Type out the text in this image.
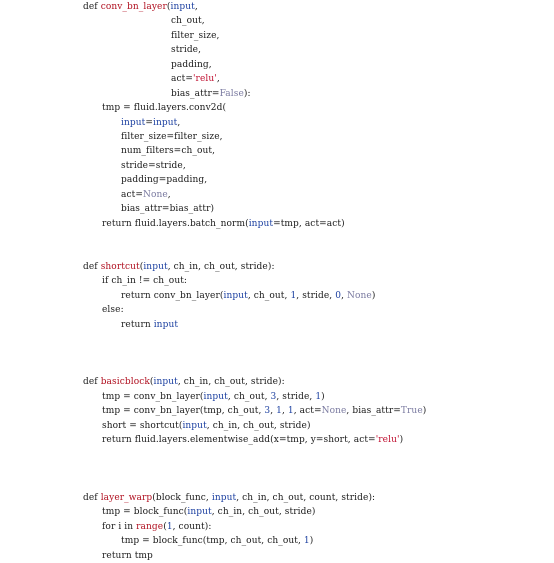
def conv_bn_layer(input,
ch_out,
filter_size,
stride,
padding,
act='relu',
bias_attr=False):
tmp = fluid.layers.conv2d(
input=input,
filter_size=filter_size,
num_filters=ch_out,
stride=stride,
padding=padding,
act=None,
bias_attr=bias_attr)
return fluid.layers.batch_norm(input=tmp, act=act)
def shortcut(input, ch_in, ch_out, stride):
if ch_in != ch_out:
return conv_bn_layer(input, ch_out, 1, stride, 0, None)
else:
return input
def basicblock(input, ch_in, ch_out, stride):
tmp = conv_bn_layer(input, ch_out, 3, stride, 1)
tmp = conv_bn_layer(tmp, ch_out, 3, 1, 1, act=None, bias_attr=True)
short = shortcut(input, ch_in, ch_out, stride)
return fluid.layers.elementwise_add(x=tmp, y=short, act='relu')
def layer_warp(block_func, input, ch_in, ch_out, count, stride):
tmp = block_func(input, ch_in, ch_out, stride)
for i in range(1, count):
tmp = block_func(tmp, ch_out, ch_out, 1)
return tmp
